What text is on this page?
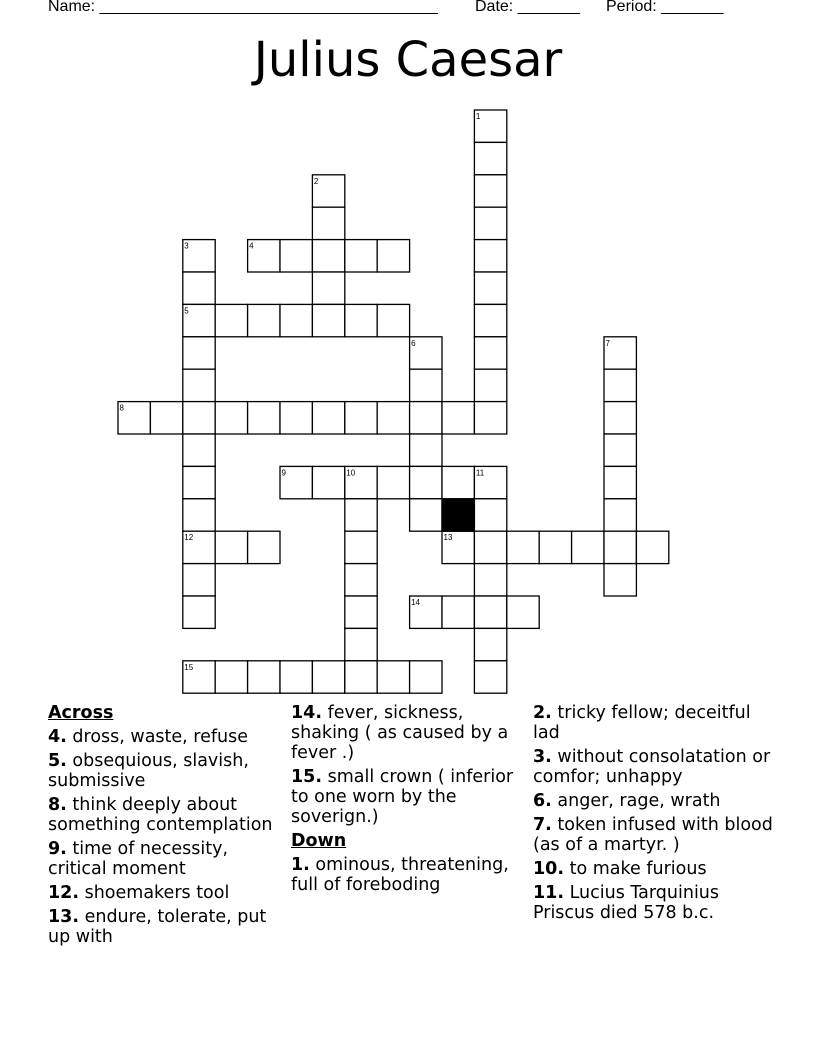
Name: ______________________________________ Date: _______ Period: _______
Julius Caesar
1
2
3	4
5
6	7
8
9	10	11
12	13
14
15
Across
4. dross, waste, refuse
5. obsequious, slavish, submissive
8. think deeply about something contemplation
9. time of necessity, critical moment
12. shoemakers tool
13. endure, tolerate, put up with
14. fever, sickness, shaking ( as caused by a fever .)
15. small crown ( inferior to one worn by the soverign.)
Down
1. ominous, threatening, full of foreboding
2. tricky fellow; deceitful lad
3. without consolatation or comfor; unhappy
6. anger, rage, wrath
7. token infused with blood (as of a martyr. )
10. to make furious
11. Lucius Tarquinius Priscus died 578 b.c.
